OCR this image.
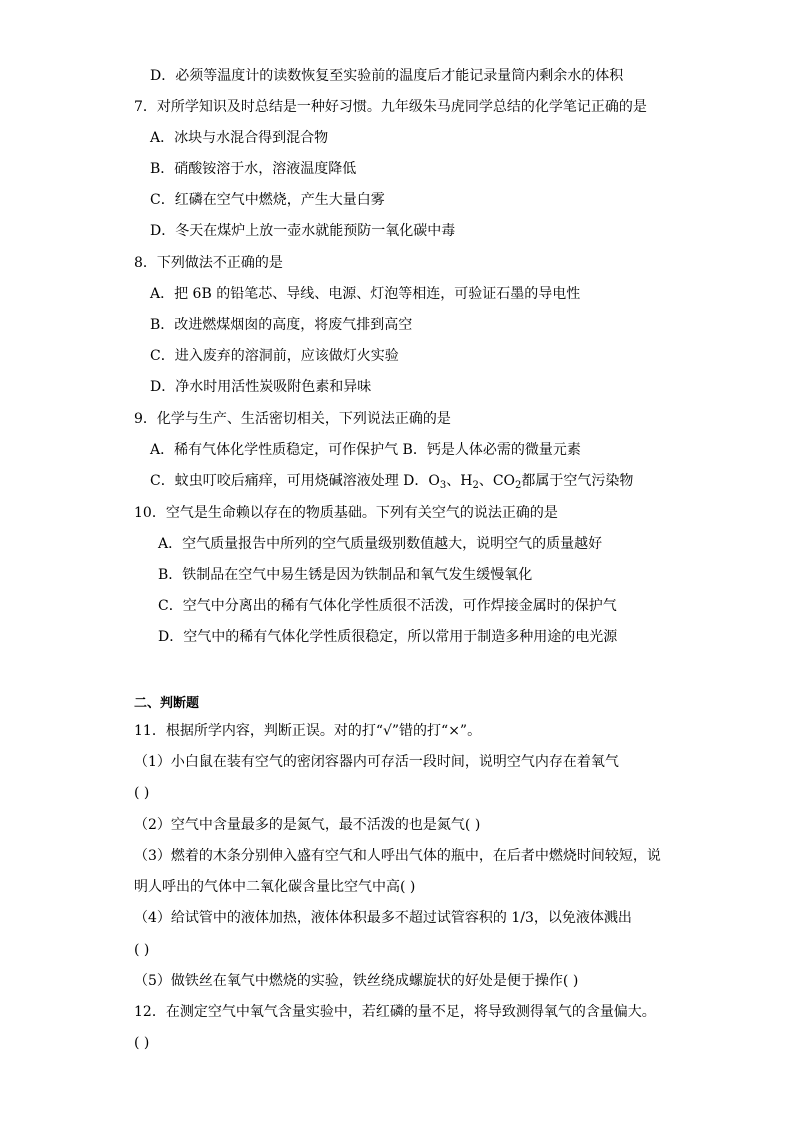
D．必须等温度计的读数恢复至实验前的温度后才能记录量筒内剩余水的体积
7．对所学知识及时总结是一种好习惯。九年级朱马虎同学总结的化学笔记正确的是
A．冰块与水混合得到混合物
B．硝酸铵溶于水，溶液温度降低
C．红磷在空气中燃烧，产生大量白雾
D．冬天在煤炉上放一壶水就能预防一氧化碳中毒
8．下列做法不正确的是
A．把 6B 的铅笔芯、导线、电源、灯泡等相连，可验证石墨的导电性
B．改进燃煤烟囱的高度，将废气排到高空
C．进入废弃的溶洞前，应该做灯火实验
D．净水时用活性炭吸附色素和异味
9．化学与生产、生活密切相关，下列说法正确的是
A．稀有气体化学性质稳定，可作保护气 B．钙是人体必需的微量元素
C．蚊虫叮咬后痛痒，可用烧碱溶液处理 D．$O_3$、$H_2$、$CO_2$都属于空气污染物
10．空气是生命赖以存在的物质基础。下列有关空气的说法正确的是
A．空气质量报告中所列的空气质量级别数值越大，说明空气的质量越好
B．铁制品在空气中易生锈是因为铁制品和氧气发生缓慢氧化
C．空气中分离出的稀有气体化学性质很不活泼，可作焊接金属时的保护气
D．空气中的稀有气体化学性质很稳定，所以常用于制造多种用途的电光源
二、判断题
11．根据所学内容，判断正误。对的打“√”错的打“×”。
（1）小白鼠在装有空气的密闭容器内可存活一段时间，说明空气内存在着氧气
( )
（2）空气中含量最多的是氮气，最不活泼的也是氮气( )
（3）燃着的木条分别伸入盛有空气和人呼出气体的瓶中，在后者中燃烧时间较短，说
明人呼出的气体中二氧化碳含量比空气中高( )
（4）给试管中的液体加热，液体体积最多不超过试管容积的 1/3，以免液体溅出
( )
（5）做铁丝在氧气中燃烧的实验，铁丝绕成螺旋状的好处是便于操作( )
12．在测定空气中氧气含量实验中，若红磷的量不足，将导致测得氧气的含量偏大。
( )
